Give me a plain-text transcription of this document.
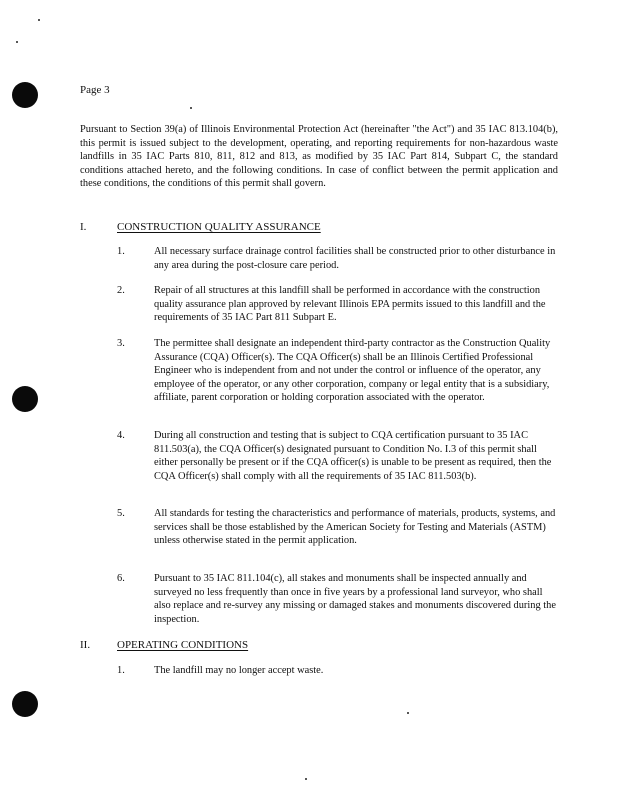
Page 3

Pursuant to Section 39(a) of Illinois Environmental Protection Act (hereinafter "the Act") and 35 IAC 813.104(b), this permit is issued subject to the development, operating, and reporting requirements for non-hazardous waste landfills in 35 IAC Parts 810, 811, 812 and 813, as modified by 35 IAC Part 814, Subpart C, the standard conditions attached hereto, and the following conditions. In case of conflict between the permit application and these conditions, the conditions of this permit shall govern.

I.	CONSTRUCTION QUALITY ASSURANCE
1.	All necessary surface drainage control facilities shall be constructed prior to other disturbance in any area during the post-closure care period.

2.	Repair of all structures at this landfill shall be performed in accordance with the construction quality assurance plan approved by relevant Illinois EPA permits issued to this landfill and the requirements of 35 IAC Part 811 Subpart E.

3.	The permittee shall designate an independent third-party contractor as the Construction Quality Assurance (CQA) Officer(s). The CQA Officer(s) shall be an Illinois Certified Professional Engineer who is independent from and not under the control or influence of the operator, any employee of the operator, or any other corporation, company or legal entity that is a subsidiary, affiliate, parent corporation or holding corporation associated with the operator.

4.	During all construction and testing that is subject to CQA certification pursuant to 35 IAC 811.503(a), the CQA Officer(s) designated pursuant to Condition No. I.3 of this permit shall either personally be present or if the CQA officer(s) is unable to be present as required, then the CQA Officer(s) shall comply with all the requirements of 35 IAC 811.503(b).

5.	All standards for testing the characteristics and performance of materials, products, systems, and services shall be those established by the American Society for Testing and Materials (ASTM) unless otherwise stated in the permit application.

6.	Pursuant to 35 IAC 811.104(c), all stakes and monuments shall be inspected annually and surveyed no less frequently than once in five years by a professional land surveyor, who shall also replace and re-survey any missing or damaged stakes and monuments discovered during the inspection.

II.	OPERATING CONDITIONS
1.	The landfill may no longer accept waste.
